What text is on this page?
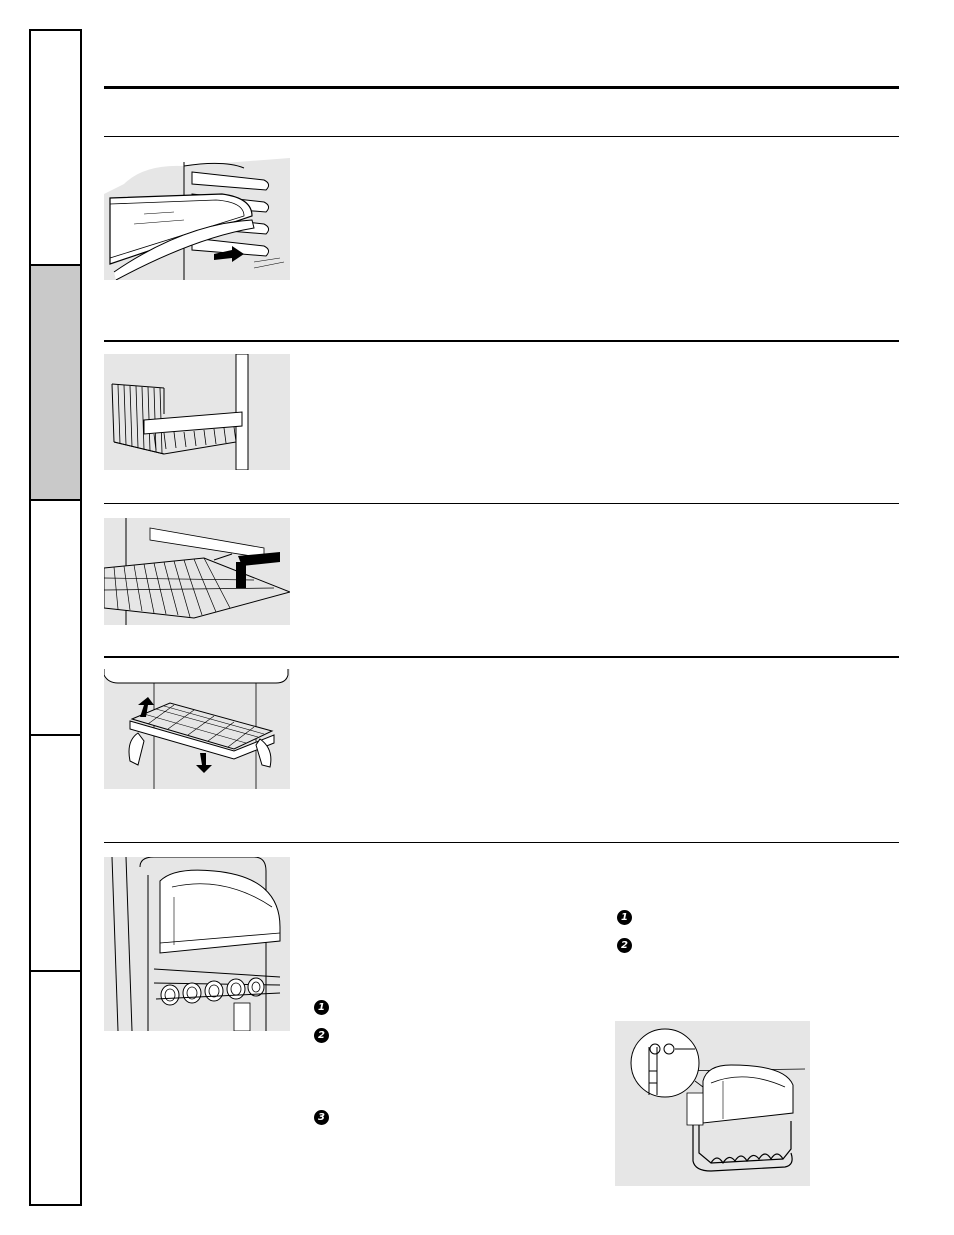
1
2
3
1
2
